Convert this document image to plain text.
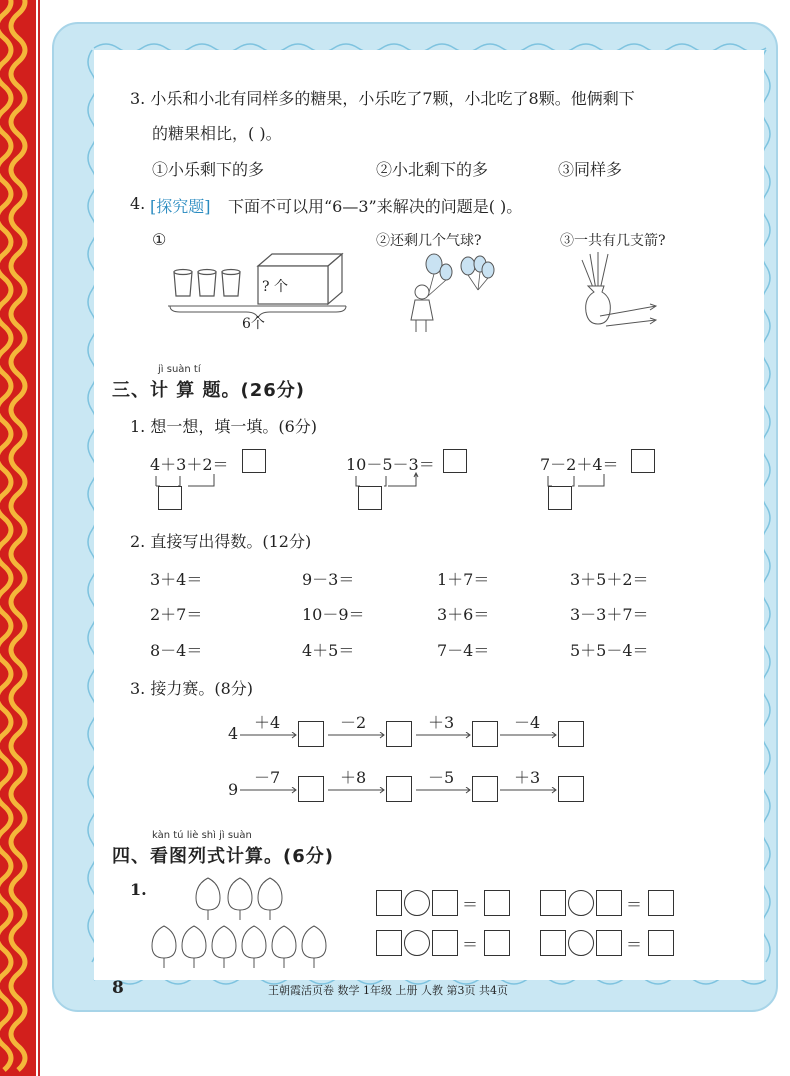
3. 小乐和小北有同样多的糖果，小乐吃了7颗，小北吃了8颗。他俩剩下
的糖果相比，( )。
①小乐剩下的多	②小北剩下的多	③同样多
4. [探究题] 下面不可以用“6—3”来解决的问题是( )。
①
? 个
6个
②还剩几个气球?	③一共有几支箭?
jì suàn tí
三、计 算 题。(26分)
1. 想一想，填一填。(6分)
4＋3＋2＝	10－5－3＝	7－2＋4＝
2. 直接写出得数。(12分)
3＋4＝	9－3＝	1＋7＝	3＋5＋2＝
2＋7＝	10－9＝	3＋6＝	3－3＋7＝
8－4＝	4＋5＝	7－4＝	5＋5－4＝
3. 接力赛。(8分)
4
＋4	－2	＋3	－4
9
－7	＋8	－5	＋3
kàn tú liè shì jì suàn
四、看图列式计算。(6分)
1.
＝	＝
＝	＝
8	王朝霞活页卷 数学 1年级 上册 人教 第3页 共4页
